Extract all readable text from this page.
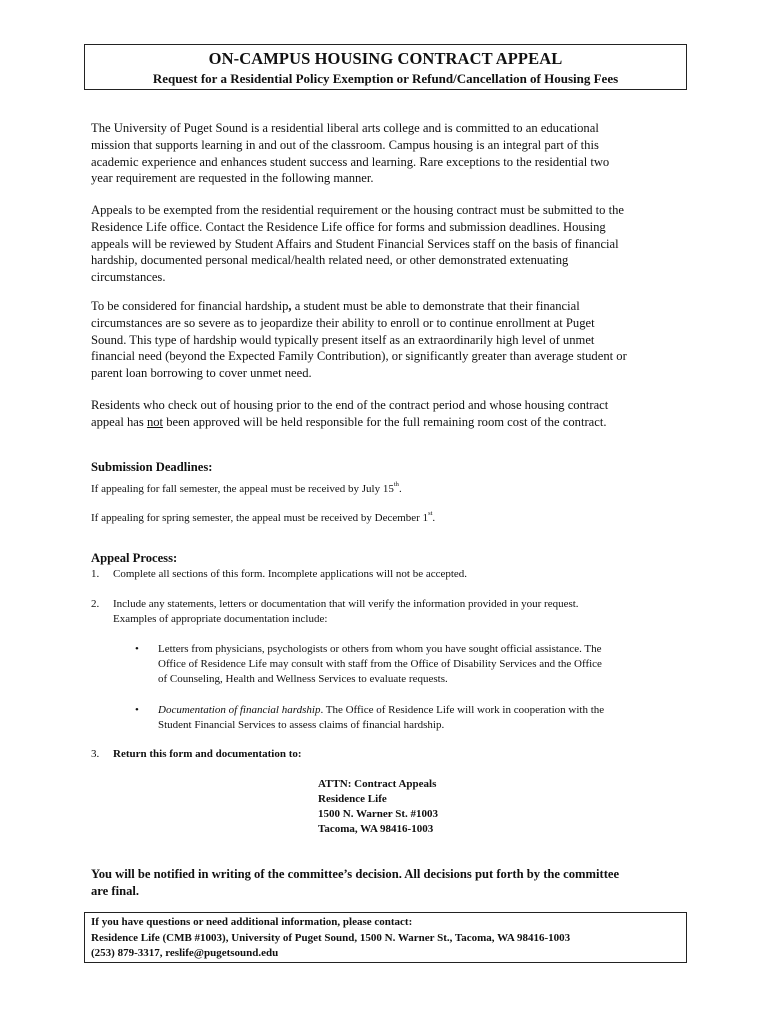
ON-CAMPUS HOUSING CONTRACT APPEAL
Request for a Residential Policy Exemption or Refund/Cancellation of Housing Fees
The University of Puget Sound is a residential liberal arts college and is committed to an educational
mission that supports learning in and out of the classroom. Campus housing is an integral part of this
academic experience and enhances student success and learning. Rare exceptions to the residential two
year requirement are requested in the following manner.
Appeals to be exempted from the residential requirement or the housing contract must be submitted to the
Residence Life office. Contact the Residence Life office for forms and submission deadlines. Housing
appeals will be reviewed by Student Affairs and Student Financial Services staff on the basis of financial
hardship, documented personal medical/health related need, or other demonstrated extenuating
circumstances.
To be considered for financial hardship, a student must be able to demonstrate that their financial
circumstances are so severe as to jeopardize their ability to enroll or to continue enrollment at Puget
Sound. This type of hardship would typically present itself as an extraordinarily high level of unmet
financial need (beyond the Expected Family Contribution), or significantly greater than average student or
parent loan borrowing to cover unmet need.
Residents who check out of housing prior to the end of the contract period and whose housing contract
appeal has not been approved will be held responsible for the full remaining room cost of the contract.
Submission Deadlines:
If appealing for fall semester, the appeal must be received by July 15th.
If appealing for spring semester, the appeal must be received by December 1st.
Appeal Process:
1. Complete all sections of this form. Incomplete applications will not be accepted.
2. Include any statements, letters or documentation that will verify the information provided in your request.
Examples of appropriate documentation include:
• Letters from physicians, psychologists or others from whom you have sought official assistance. The
Office of Residence Life may consult with staff from the Office of Disability Services and the Office
of Counseling, Health and Wellness Services to evaluate requests.
• Documentation of financial hardship. The Office of Residence Life will work in cooperation with the
Student Financial Services to assess claims of financial hardship.
3. Return this form and documentation to:
ATTN: Contract Appeals
Residence Life
1500 N. Warner St. #1003
Tacoma, WA 98416-1003
You will be notified in writing of the committee’s decision. All decisions put forth by the committee
are final.
If you have questions or need additional information, please contact:
Residence Life (CMB #1003), University of Puget Sound, 1500 N. Warner St., Tacoma, WA 98416-1003
(253) 879-3317, reslife@pugetsound.edu
